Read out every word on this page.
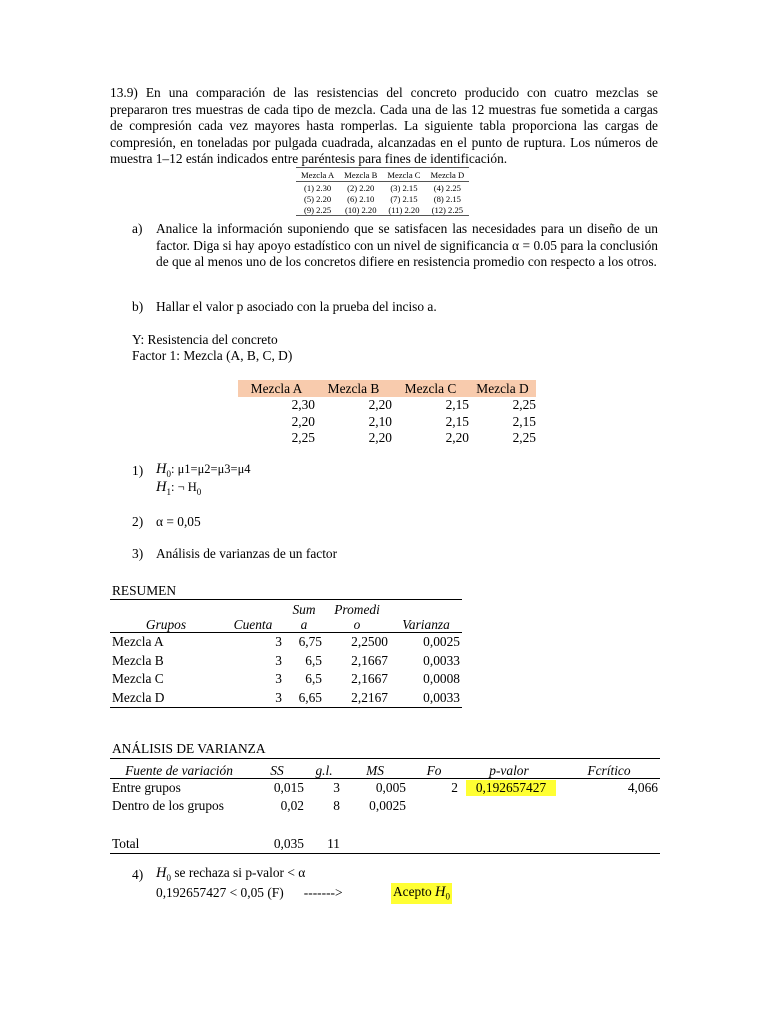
13.9) En una comparación de las resistencias del concreto producido con cuatro mezclas se prepararon tres muestras de cada tipo de mezcla. Cada una de las 12 muestras fue sometida a cargas de compresión cada vez mayores hasta romperlas. La siguiente tabla proporciona las cargas de compresión, en toneladas por pulgada cuadrada, alcanzadas en el punto de ruptura. Los números de muestra 1–12 están indicados entre paréntesis para fines de identificación.
Mezcla A	Mezcla B	Mezcla C	Mezcla D
(1) 2.30	(2) 2.20	(3) 2.15	(4) 2.25
(5) 2.20	(6) 2.10	(7) 2.15	(8) 2.15
(9) 2.25	(10) 2.20	(11) 2.20	(12) 2.25
a) Analice la información suponiendo que se satisfacen las necesidades para un diseño de un factor. Diga si hay apoyo estadístico con un nivel de significancia α = 0.05 para la conclusión de que al menos uno de los concretos difiere en resistencia promedio con respecto a los otros.
b) Hallar el valor p asociado con la prueba del inciso a.
Y: Resistencia del concreto
Factor 1: Mezcla (A, B, C, D)
Mezcla A	Mezcla B	Mezcla C	Mezcla D
2,30	2,20	2,15	2,25
2,20	2,10	2,15	2,15
2,25	2,20	2,20	2,25
1) $H_0$: μ1=μ2=μ3=μ4
$H_1$: ¬ $H_0$
2) α = 0,05
3) Análisis de varianzas de un factor
RESUMEN
Grupos	Cuenta	Sum a	Promedi o	Varianza
Mezcla A	3	6,75	2,2500	0,0025
Mezcla B	3	6,5	2,1667	0,0033
Mezcla C	3	6,5	2,1667	0,0008
Mezcla D	3	6,65	2,2167	0,0033
ANÁLISIS DE VARIANZA
Fuente de variación	SS	g.l.	MS	Fo	p-valor	Fcrítico
Entre grupos	0,015	3	0,005	2	0,192657427	4,066
Dentro de los grupos	0,02	8	0,0025			

Total	0,035	11				
4) $H_0$ se rechaza si p-valor < α
0,192657427 < 0,05 (F)      ------->	Acepto $H_0$
